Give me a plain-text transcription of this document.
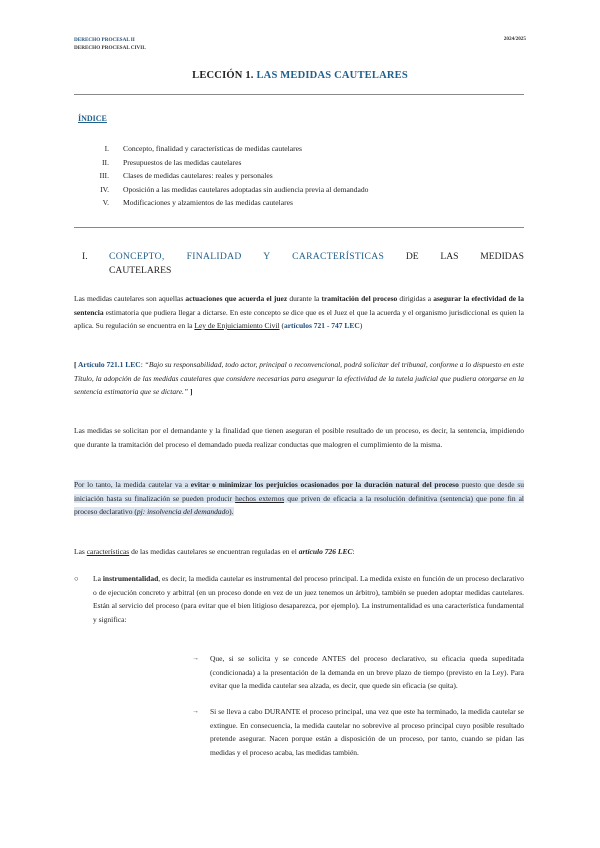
DERECHO PROCESAL II
DERECHO PROCESAL CIVIL
2024/2025
LECCIÓN 1. LAS MEDIDAS CAUTELARES
ÍNDICE
I.	Concepto, finalidad y características de medidas cautelares
II.	Presupuestos de las medidas cautelares
III.	Clases de medidas cautelares: reales y personales
IV.	Oposición a las medidas cautelares adoptadas sin audiencia previa al demandado
V.	Modificaciones y alzamientos de las medidas cautelares
I. CONCEPTO, FINALIDAD Y CARACTERÍSTICAS DE LAS MEDIDAS
CAUTELARES
Las medidas cautelares son aquellas actuaciones que acuerda el juez durante la tramitación del proceso dirigidas a asegurar la efectividad de la sentencia estimatoria que pudiera llegar a dictarse. En este concepto se dice que es el Juez el que la acuerda y el organismo jurisdiccional es quien la aplica. Su regulación se encuentra en la Ley de Enjuiciamiento Civil (artículos 721 - 747 LEC)
[ Artículo 721.1 LEC: “Bajo su responsabilidad, todo actor, principal o reconvencional, podrá solicitar del tribunal, conforme a lo dispuesto en este Título, la adopción de las medidas cautelares que considere necesarias para asegurar la efectividad de la tutela judicial que pudiera otorgarse en la sentencia estimatoria que se dictare.” ]
Las medidas se solicitan por el demandante y la finalidad que tienen aseguran el posible resultado de un proceso, es decir, la sentencia, impidiendo que durante la tramitación del proceso el demandado pueda realizar conductas que malogren el cumplimiento de la misma.
Por lo tanto, la medida cautelar va a evitar o minimizar los perjuicios ocasionados por la duración natural del proceso puesto que desde su iniciación hasta su finalización se pueden producir hechos externos que priven de eficacia a la resolución definitiva (sentencia) que pone fin al proceso declarativo (pj: insolvencia del demandado).
Las características de las medidas cautelares se encuentran reguladas en el artículo 726 LEC:
○ La instrumentalidad, es decir, la medida cautelar es instrumental del proceso principal. La medida existe en función de un proceso declarativo o de ejecución concreto y arbitral (en un proceso donde en vez de un juez tenemos un árbitro), también se pueden adoptar medidas cautelares. Están al servicio del proceso (para evitar que el bien litigioso desaparezca, por ejemplo). La instrumentalidad es una característica fundamental y significa:
→ Que, si se solicita y se concede ANTES del proceso declarativo, su eficacia queda supeditada (condicionada) a la presentación de la demanda en un breve plazo de tiempo (previsto en la Ley). Para evitar que la medida cautelar sea alzada, es decir, que quede sin eficacia (se quita).
→ Si se lleva a cabo DURANTE el proceso principal, una vez que este ha terminado, la medida cautelar se extingue. En consecuencia, la medida cautelar no sobrevive al proceso principal cuyo posible resultado pretende asegurar. Nacen porque están a disposición de un proceso, por tanto, cuando se pidan las medidas y el proceso acaba, las medidas también.
